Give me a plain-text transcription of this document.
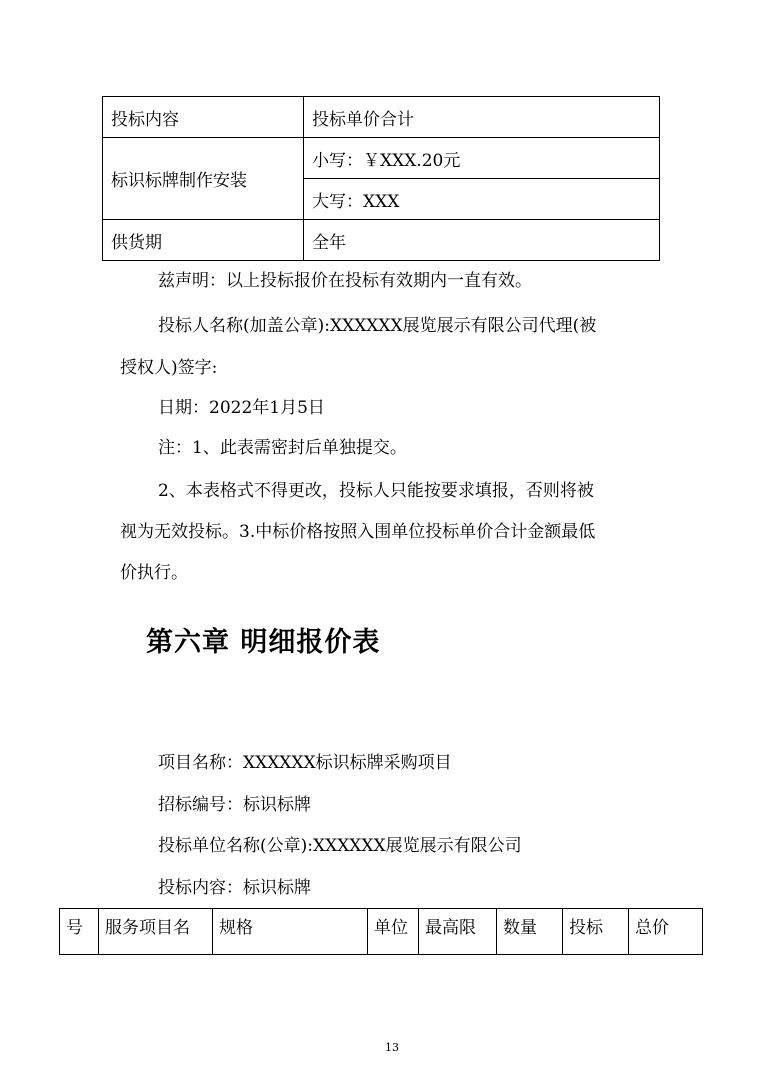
投标内容	投标单价合计
标识标牌制作安装	小写：￥XXX.20元
	大写：XXX
供货期	全年
兹声明：以上投标报价在投标有效期内一直有效。
投标人名称(加盖公章):XXXXXX展览展示有限公司代理(被
授权人)签字:
日期：2022年1月5日
注：1、此表需密封后单独提交。
2、本表格式不得更改，投标人只能按要求填报，否则将被
视为无效投标。3.中标价格按照入围单位投标单价合计金额最低
价执行。
第六章 明细报价表
项目名称：XXXXXX标识标牌采购项目
招标编号：标识标牌
投标单位名称(公章):XXXXXX展览展示有限公司
投标内容：标识标牌
号	服务项目名	规格	单位	最高限	数量	投标	总价
13
